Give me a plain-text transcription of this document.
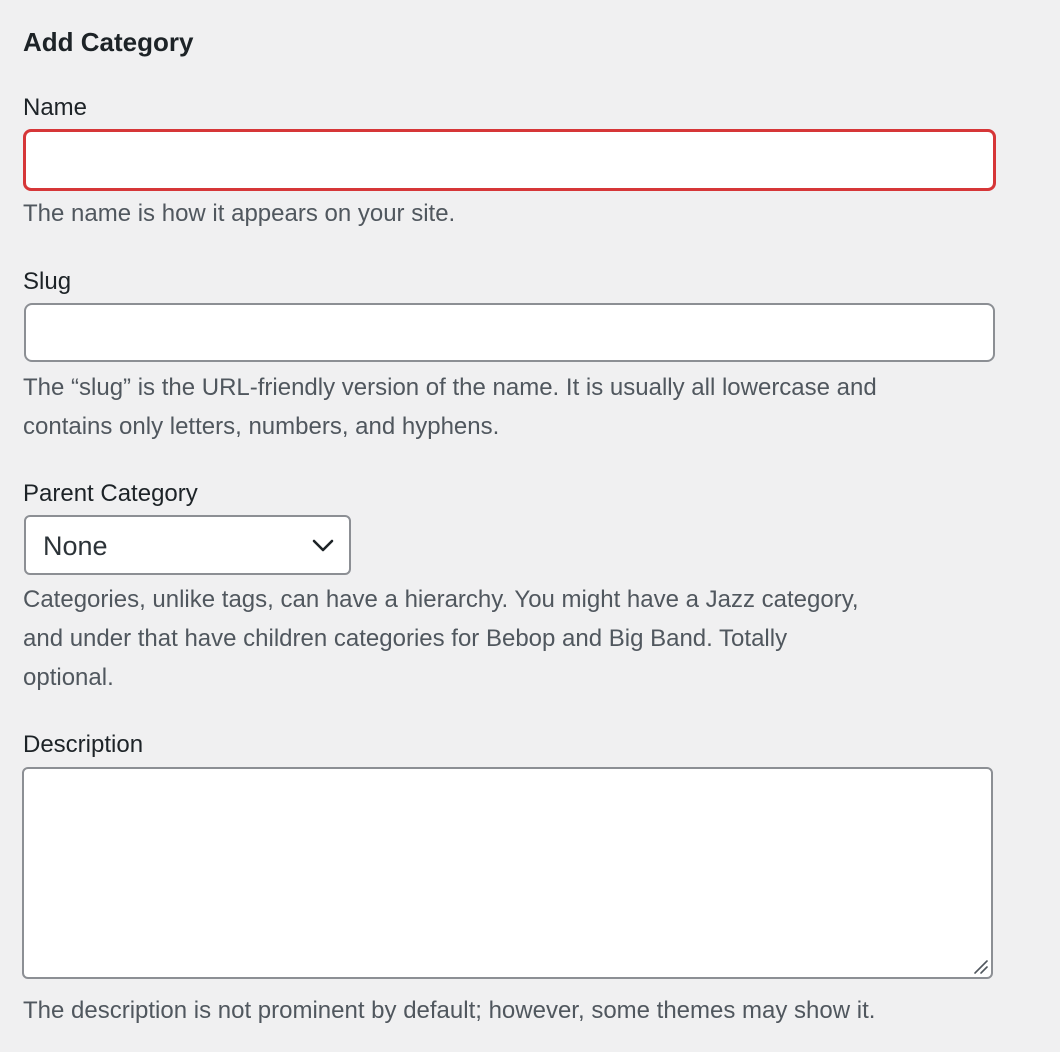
Add Category
Name

The name is how it appears on your site.

Slug

The “slug” is the URL-friendly version of the name. It is usually all lowercase and

contains only letters, numbers, and hyphens.

Parent Category
None

Categories, unlike tags, can have a hierarchy. You might have a Jazz category,

and under that have children categories for Bebop and Big Band. Totally

optional.

Description

The description is not prominent by default; however, some themes may show it.
